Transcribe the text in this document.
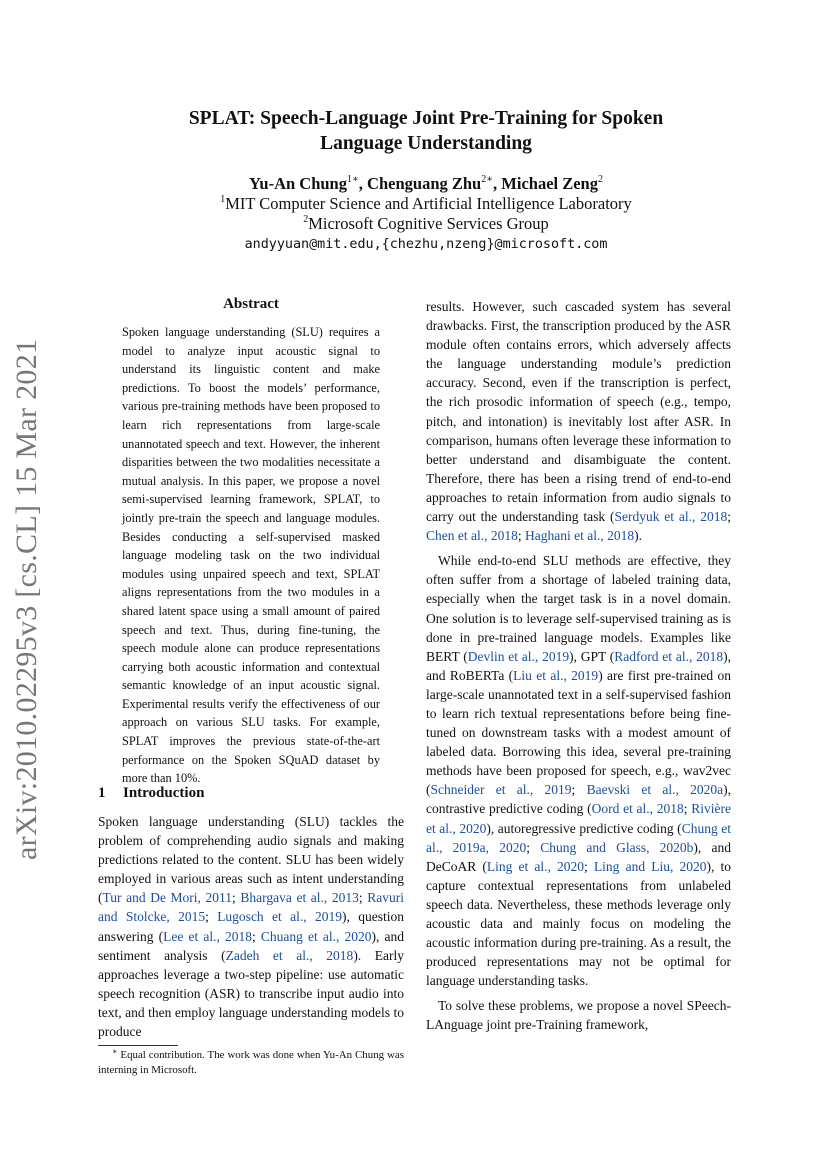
arXiv:2010.02295v3 [cs.CL] 15 Mar 2021
SPLAT: Speech-Language Joint Pre-Training for Spoken
Language Understanding
Yu-An Chung$^{1∗}$, Chenguang Zhu$^{2∗}$, Michael Zeng$^2$
$^1$MIT Computer Science and Artificial Intelligence Laboratory
$^2$Microsoft Cognitive Services Group
andyyuan@mit.edu,{chezhu,nzeng}@microsoft.com
Abstract
Spoken language understanding (SLU) requires a model to analyze input acoustic signal to understand its linguistic content and make predictions. To boost the models’ performance, various pre-training methods have been proposed to learn rich representations from large-scale unannotated speech and text. However, the inherent disparities between the two modalities necessitate a mutual analysis. In this paper, we propose a novel semi-supervised learning framework, SPLAT, to jointly pre-train the speech and language modules. Besides conducting a self-supervised masked language modeling task on the two individual modules using unpaired speech and text, SPLAT aligns representations from the two modules in a shared latent space using a small amount of paired speech and text. Thus, during fine-tuning, the speech module alone can produce representations carrying both acoustic information and contextual semantic knowledge of an input acoustic signal. Experimental results verify the effectiveness of our approach on various SLU tasks. For example, SPLAT improves the previous state-of-the-art performance on the Spoken SQuAD dataset by more than 10%.
1 Introduction

Spoken language understanding (SLU) tackles the problem of comprehending audio signals and making predictions related to the content. SLU has been widely employed in various areas such as intent understanding (Tur and De Mori, 2011; Bhargava et al., 2013; Ravuri and Stolcke, 2015; Lugosch et al., 2019), question answering (Lee et al., 2018; Chuang et al., 2020), and sentiment analysis (Zadeh et al., 2018). Early approaches leverage a two-step pipeline: use automatic speech recognition (ASR) to transcribe input audio into text, and then employ language understanding models to produce

results. However, such cascaded system has several drawbacks. First, the transcription produced by the ASR module often contains errors, which adversely affects the language understanding module’s prediction accuracy. Second, even if the transcription is perfect, the rich prosodic information of speech (e.g., tempo, pitch, and intonation) is inevitably lost after ASR. In comparison, humans often leverage these information to better understand and disambiguate the content. Therefore, there has been a rising trend of end-to-end approaches to retain information from audio signals to carry out the understanding task (Serdyuk et al., 2018; Chen et al., 2018; Haghani et al., 2018).

While end-to-end SLU methods are effective, they often suffer from a shortage of labeled training data, especially when the target task is in a novel domain. One solution is to leverage self-supervised training as is done in pre-trained language models. Examples like BERT (Devlin et al., 2019), GPT (Radford et al., 2018), and RoBERTa (Liu et al., 2019) are first pre-trained on large-scale unannotated text in a self-supervised fashion to learn rich textual representations before being fine-tuned on downstream tasks with a modest amount of labeled data. Borrowing this idea, several pre-training methods have been proposed for speech, e.g., wav2vec (Schneider et al., 2019; Baevski et al., 2020a), contrastive predictive coding (Oord et al., 2018; Rivière et al., 2020), autoregressive predictive coding (Chung et al., 2019a, 2020; Chung and Glass, 2020b), and DeCoAR (Ling et al., 2020; Ling and Liu, 2020), to capture contextual representations from unlabeled speech data. Nevertheless, these methods leverage only acoustic data and mainly focus on modeling the acoustic information during pre-training. As a result, the produced representations may not be optimal for language understanding tasks.

To solve these problems, we propose a novel SPeech-LAnguage joint pre-Training framework,

∗ Equal contribution. The work was done when Yu-An Chung was interning in Microsoft.
